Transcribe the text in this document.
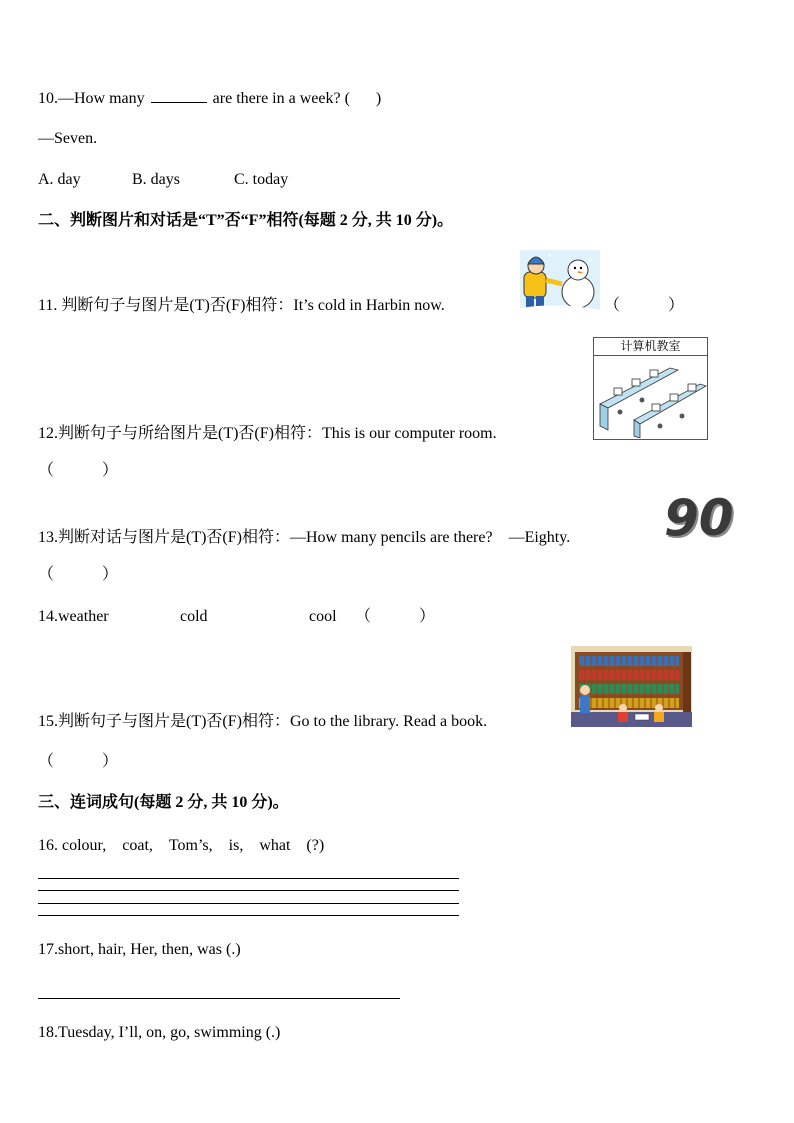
10.—How many	are there in a week? ( )
—Seven.
A. day	B. days	C. today
二、判断图片和对话是“T”否“F”相符(每题 2 分, 共 10 分)。
11. 判断句子与图片是(T)否(F)相符：It’s cold in Harbin now.	（　　　）
计算机教室
12.判断句子与所给图片是(T)否(F)相符：This is our computer room.
（　　　）
13.判断对话与图片是(T)否(F)相符：—How many pencils are there?　—Eighty. 90
（　　　）
14.weather	cold	cool （　　　）
15.判断句子与图片是(T)否(F)相符：Go to the library. Read a book.
（　　　）
三、连词成句(每题 2 分, 共 10 分)。
16. colour,　coat,　Tom’s,　is,　what　(?)
17.short, hair, Her, then, was (.)
18.Tuesday, I’ll, on, go, swimming (.)
